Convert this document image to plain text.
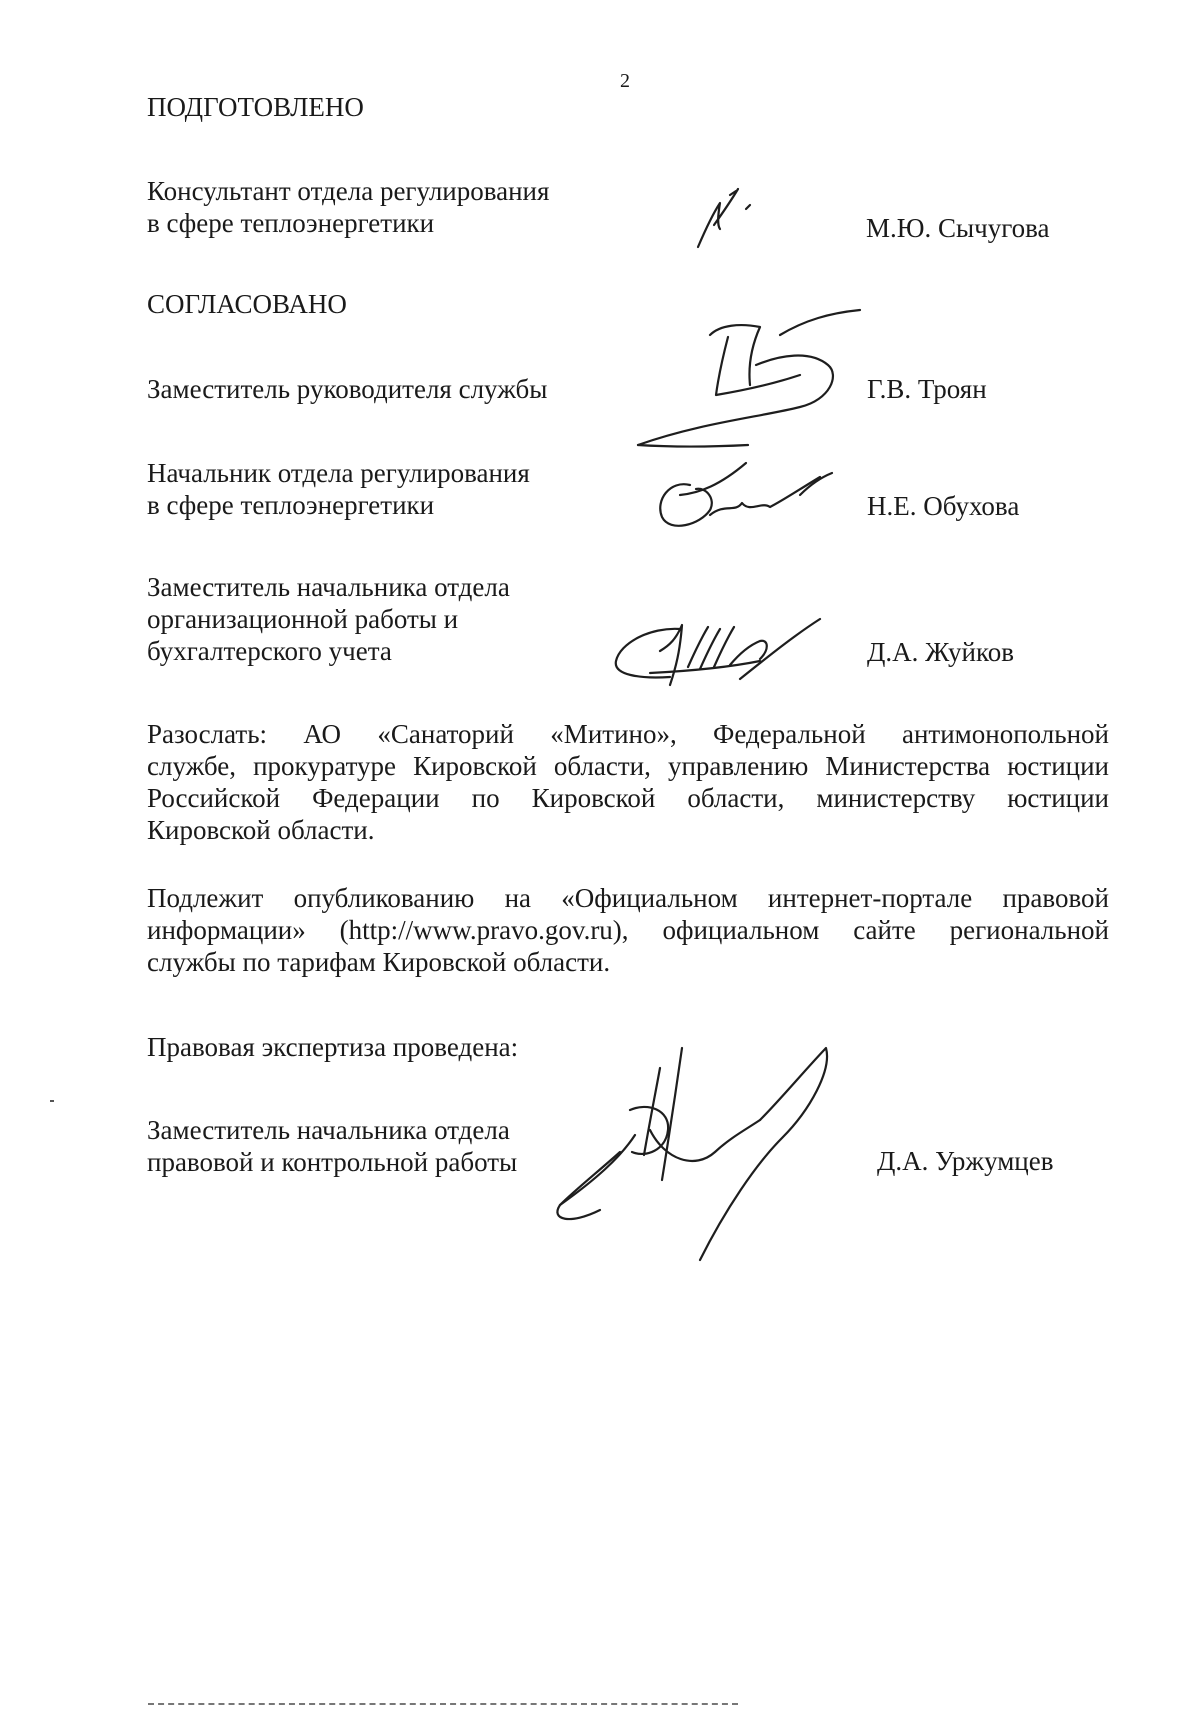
2
ПОДГОТОВЛЕНО
Консультант отдела регулирования
в сфере теплоэнергетики	М.Ю. Сычугова
СОГЛАСОВАНО
Заместитель руководителя службы	Г.В. Троян
Начальник отдела регулирования
в сфере теплоэнергетики	Н.Е. Обухова
Заместитель начальника отдела
организационной работы и
бухгалтерского учета	Д.А. Жуйков
Разослать: АО «Санаторий «Митино», Федеральной антимонопольной
службе, прокуратуре Кировской области, управлению Министерства юстиции
Российской Федерации по Кировской области, министерству юстиции
Кировской области.
Подлежит опубликованию на «Официальном интернет-портале правовой
информации» (http://www.pravo.gov.ru), официальном сайте региональной
службы по тарифам Кировской области.
Правовая экспертиза проведена:
Заместитель начальника отдела
правовой и контрольной работы	Д.А. Уржумцев
